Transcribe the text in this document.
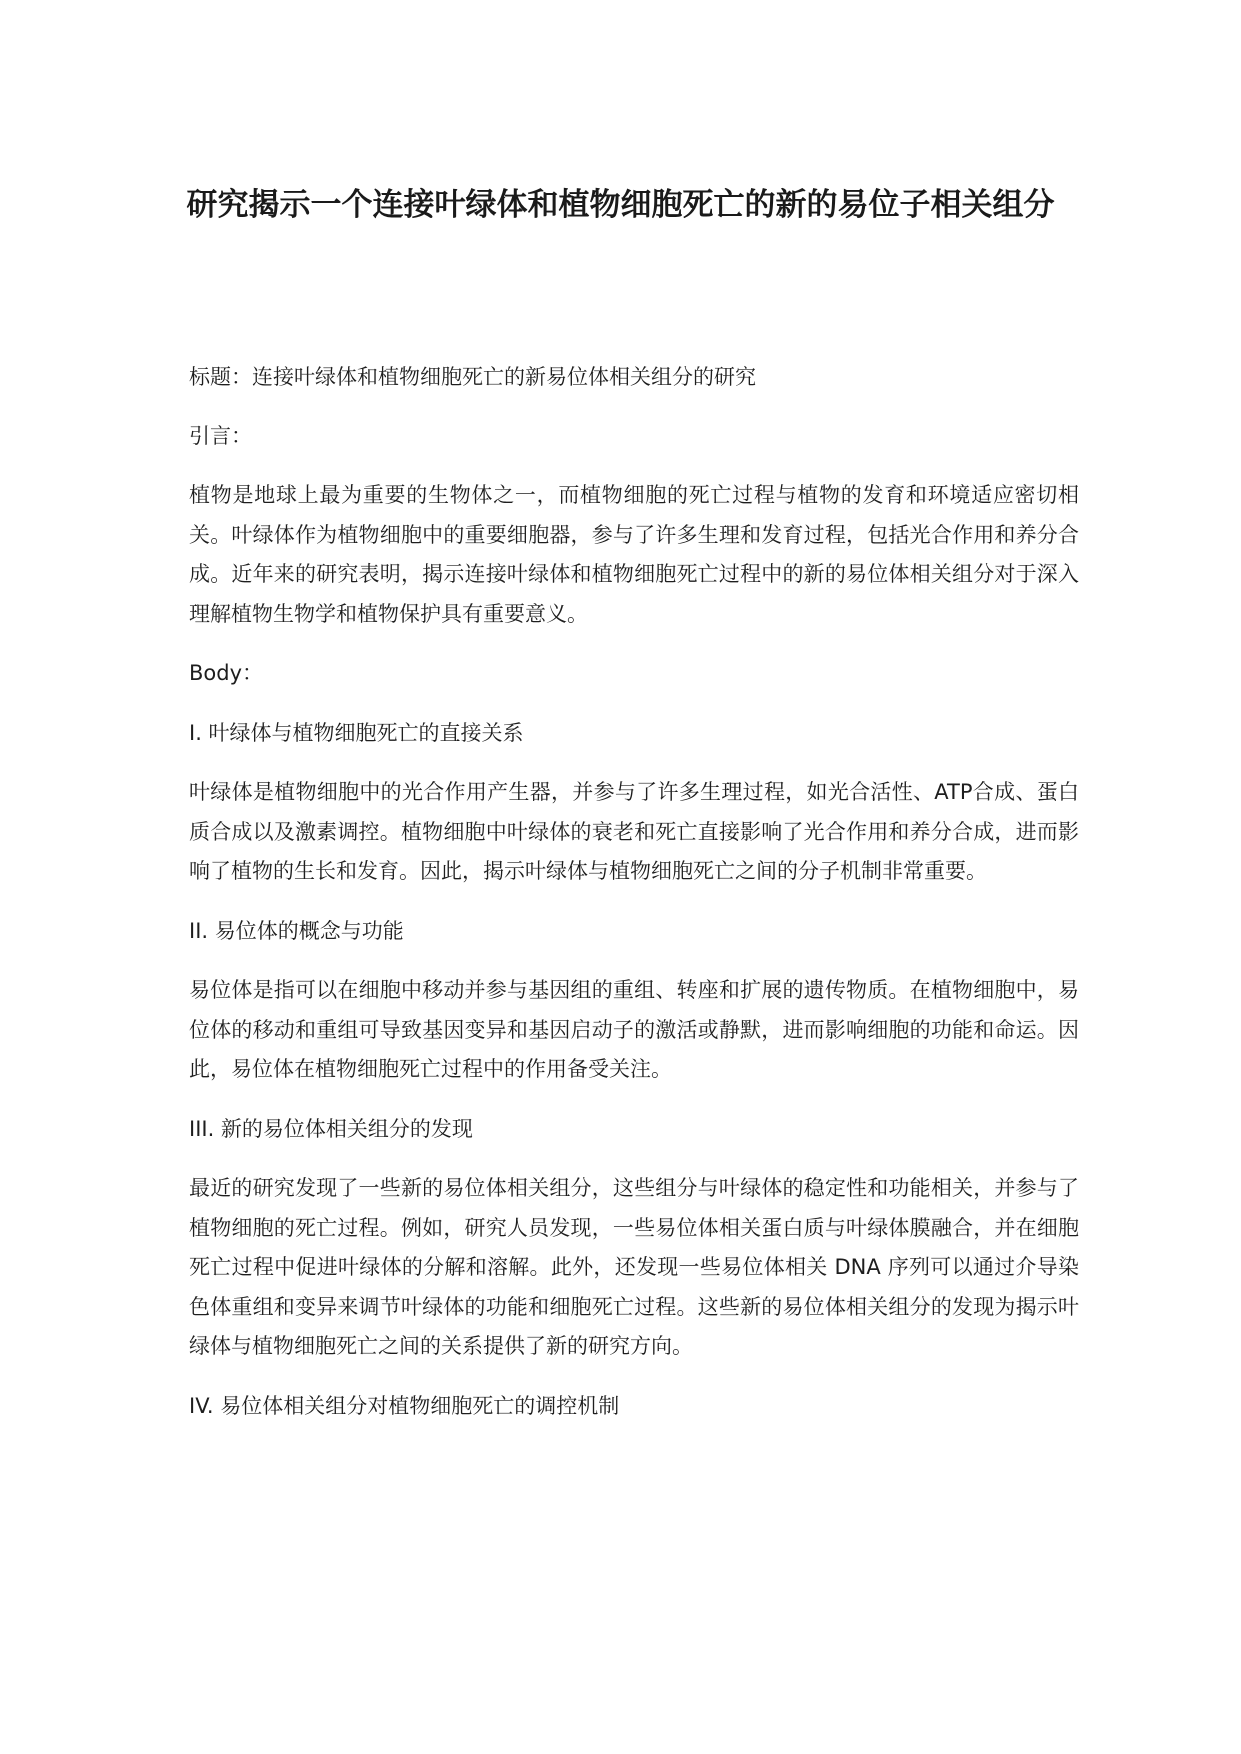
研究揭示一个连接叶绿体和植物细胞死亡的新的易位子相关组分

标题：连接叶绿体和植物细胞死亡的新易位体相关组分的研究

引言：

植物是地球上最为重要的生物体之一，而植物细胞的死亡过程与植物的发育和环境适应密切相关。叶绿体作为植物细胞中的重要细胞器，参与了许多生理和发育过程，包括光合作用和养分合成。近年来的研究表明，揭示连接叶绿体和植物细胞死亡过程中的新的易位体相关组分对于深入理解植物生物学和植物保护具有重要意义。

Body：

I. 叶绿体与植物细胞死亡的直接关系

叶绿体是植物细胞中的光合作用产生器，并参与了许多生理过程，如光合活性、ATP合成、蛋白质合成以及激素调控。植物细胞中叶绿体的衰老和死亡直接影响了光合作用和养分合成，进而影响了植物的生长和发育。因此，揭示叶绿体与植物细胞死亡之间的分子机制非常重要。

II. 易位体的概念与功能

易位体是指可以在细胞中移动并参与基因组的重组、转座和扩展的遗传物质。在植物细胞中，易位体的移动和重组可导致基因变异和基因启动子的激活或静默，进而影响细胞的功能和命运。因此，易位体在植物细胞死亡过程中的作用备受关注。

III. 新的易位体相关组分的发现

最近的研究发现了一些新的易位体相关组分，这些组分与叶绿体的稳定性和功能相关，并参与了植物细胞的死亡过程。例如，研究人员发现，一些易位体相关蛋白质与叶绿体膜融合，并在细胞死亡过程中促进叶绿体的分解和溶解。此外，还发现一些易位体相关 DNA 序列可以通过介导染色体重组和变异来调节叶绿体的功能和细胞死亡过程。这些新的易位体相关组分的发现为揭示叶绿体与植物细胞死亡之间的关系提供了新的研究方向。

IV. 易位体相关组分对植物细胞死亡的调控机制
